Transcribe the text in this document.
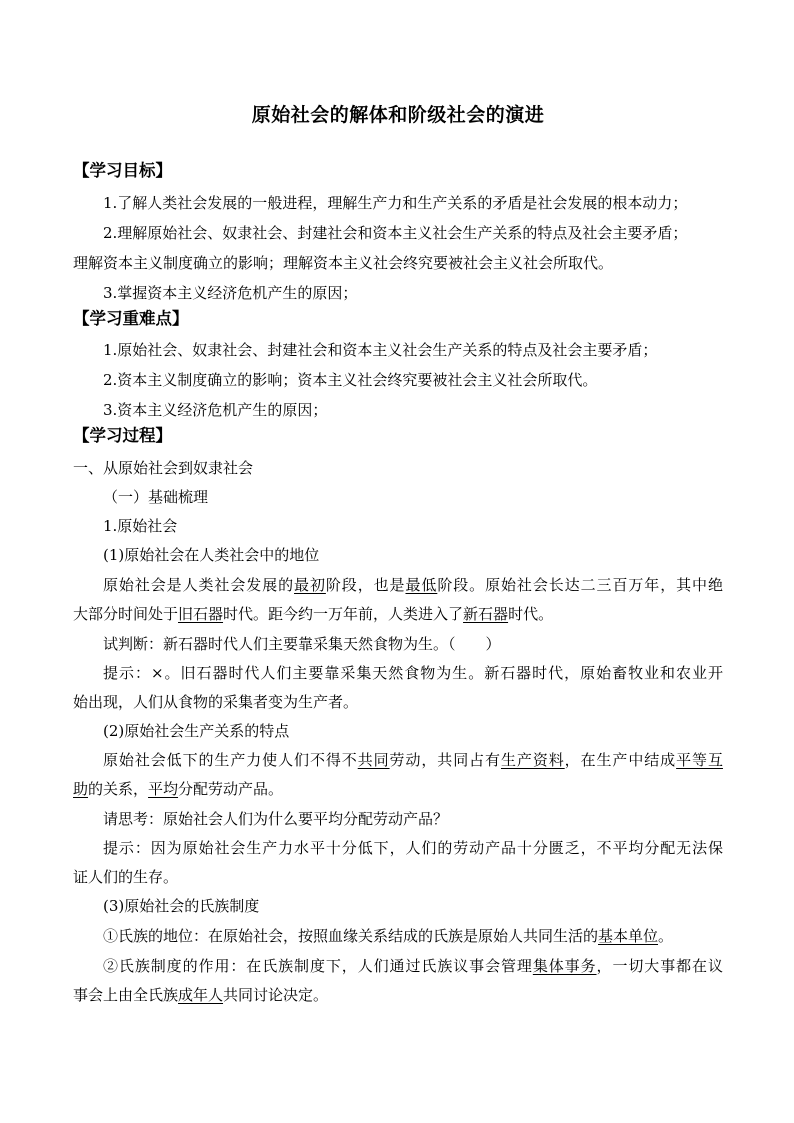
原始社会的解体和阶级社会的演进
【学习目标】
1.了解人类社会发展的一般进程，理解生产力和生产关系的矛盾是社会发展的根本动力；
2.理解原始社会、奴隶社会、封建社会和资本主义社会生产关系的特点及社会主要矛盾；
理解资本主义制度确立的影响；理解资本主义社会终究要被社会主义社会所取代。
3.掌握资本主义经济危机产生的原因；
【学习重难点】
1.原始社会、奴隶社会、封建社会和资本主义社会生产关系的特点及社会主要矛盾；
2.资本主义制度确立的影响；资本主义社会终究要被社会主义社会所取代。
3.资本主义经济危机产生的原因；
【学习过程】
一、从原始社会到奴隶社会
（一）基础梳理
1.原始社会
(1)原始社会在人类社会中的地位
原始社会是人类社会发展的最初阶段，也是最低阶段。原始社会长达二三百万年，其中绝
大部分时间处于旧石器时代。距今约一万年前，人类进入了新石器时代。
试判断：新石器时代人们主要靠采集天然食物为生。（　　）
提示：×。旧石器时代人们主要靠采集天然食物为生。新石器时代，原始畜牧业和农业开
始出现，人们从食物的采集者变为生产者。
(2)原始社会生产关系的特点
原始社会低下的生产力使人们不得不共同劳动，共同占有生产资料，在生产中结成平等互
助的关系，平均分配劳动产品。
请思考：原始社会人们为什么要平均分配劳动产品？
提示：因为原始社会生产力水平十分低下，人们的劳动产品十分匮乏，不平均分配无法保
证人们的生存。
(3)原始社会的氏族制度
①氏族的地位：在原始社会，按照血缘关系结成的氏族是原始人共同生活的基本单位。
②氏族制度的作用：在氏族制度下，人们通过氏族议事会管理集体事务，一切大事都在议
事会上由全氏族成年人共同讨论决定。
